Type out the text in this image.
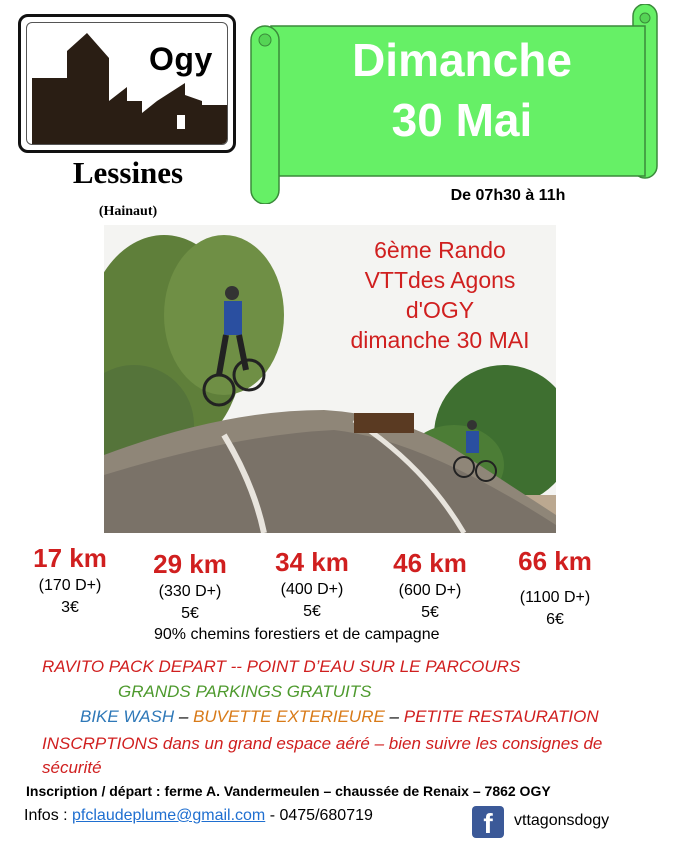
Ogy
Lessines
(Hainaut)
Dimanche
30 Mai
De 07h30 à 11h
6ème Rando
VTTdes Agons
d'OGY
dimanche 30 MAI
17 km
(170 D+)
3€
29 km
(330 D+)
5€
34 km
(400 D+)
5€
46 km
(600 D+)
5€
66 km
(1100 D+)
6€
90% chemins forestiers et de campagne
RAVITO PACK DEPART -- POINT D’EAU SUR LE PARCOURS
GRANDS PARKINGS GRATUITS
BIKE WASH – BUVETTE EXTERIEURE – PETITE RESTAURATION
INSCRPTIONS dans un grand espace aéré – bien suivre les consignes de
sécurité
Inscription / départ : ferme A. Vandermeulen – chaussée de Renaix – 7862 OGY
Infos : pfclaudeplume@gmail.com - 0475/680719	f	vttagonsdogy
